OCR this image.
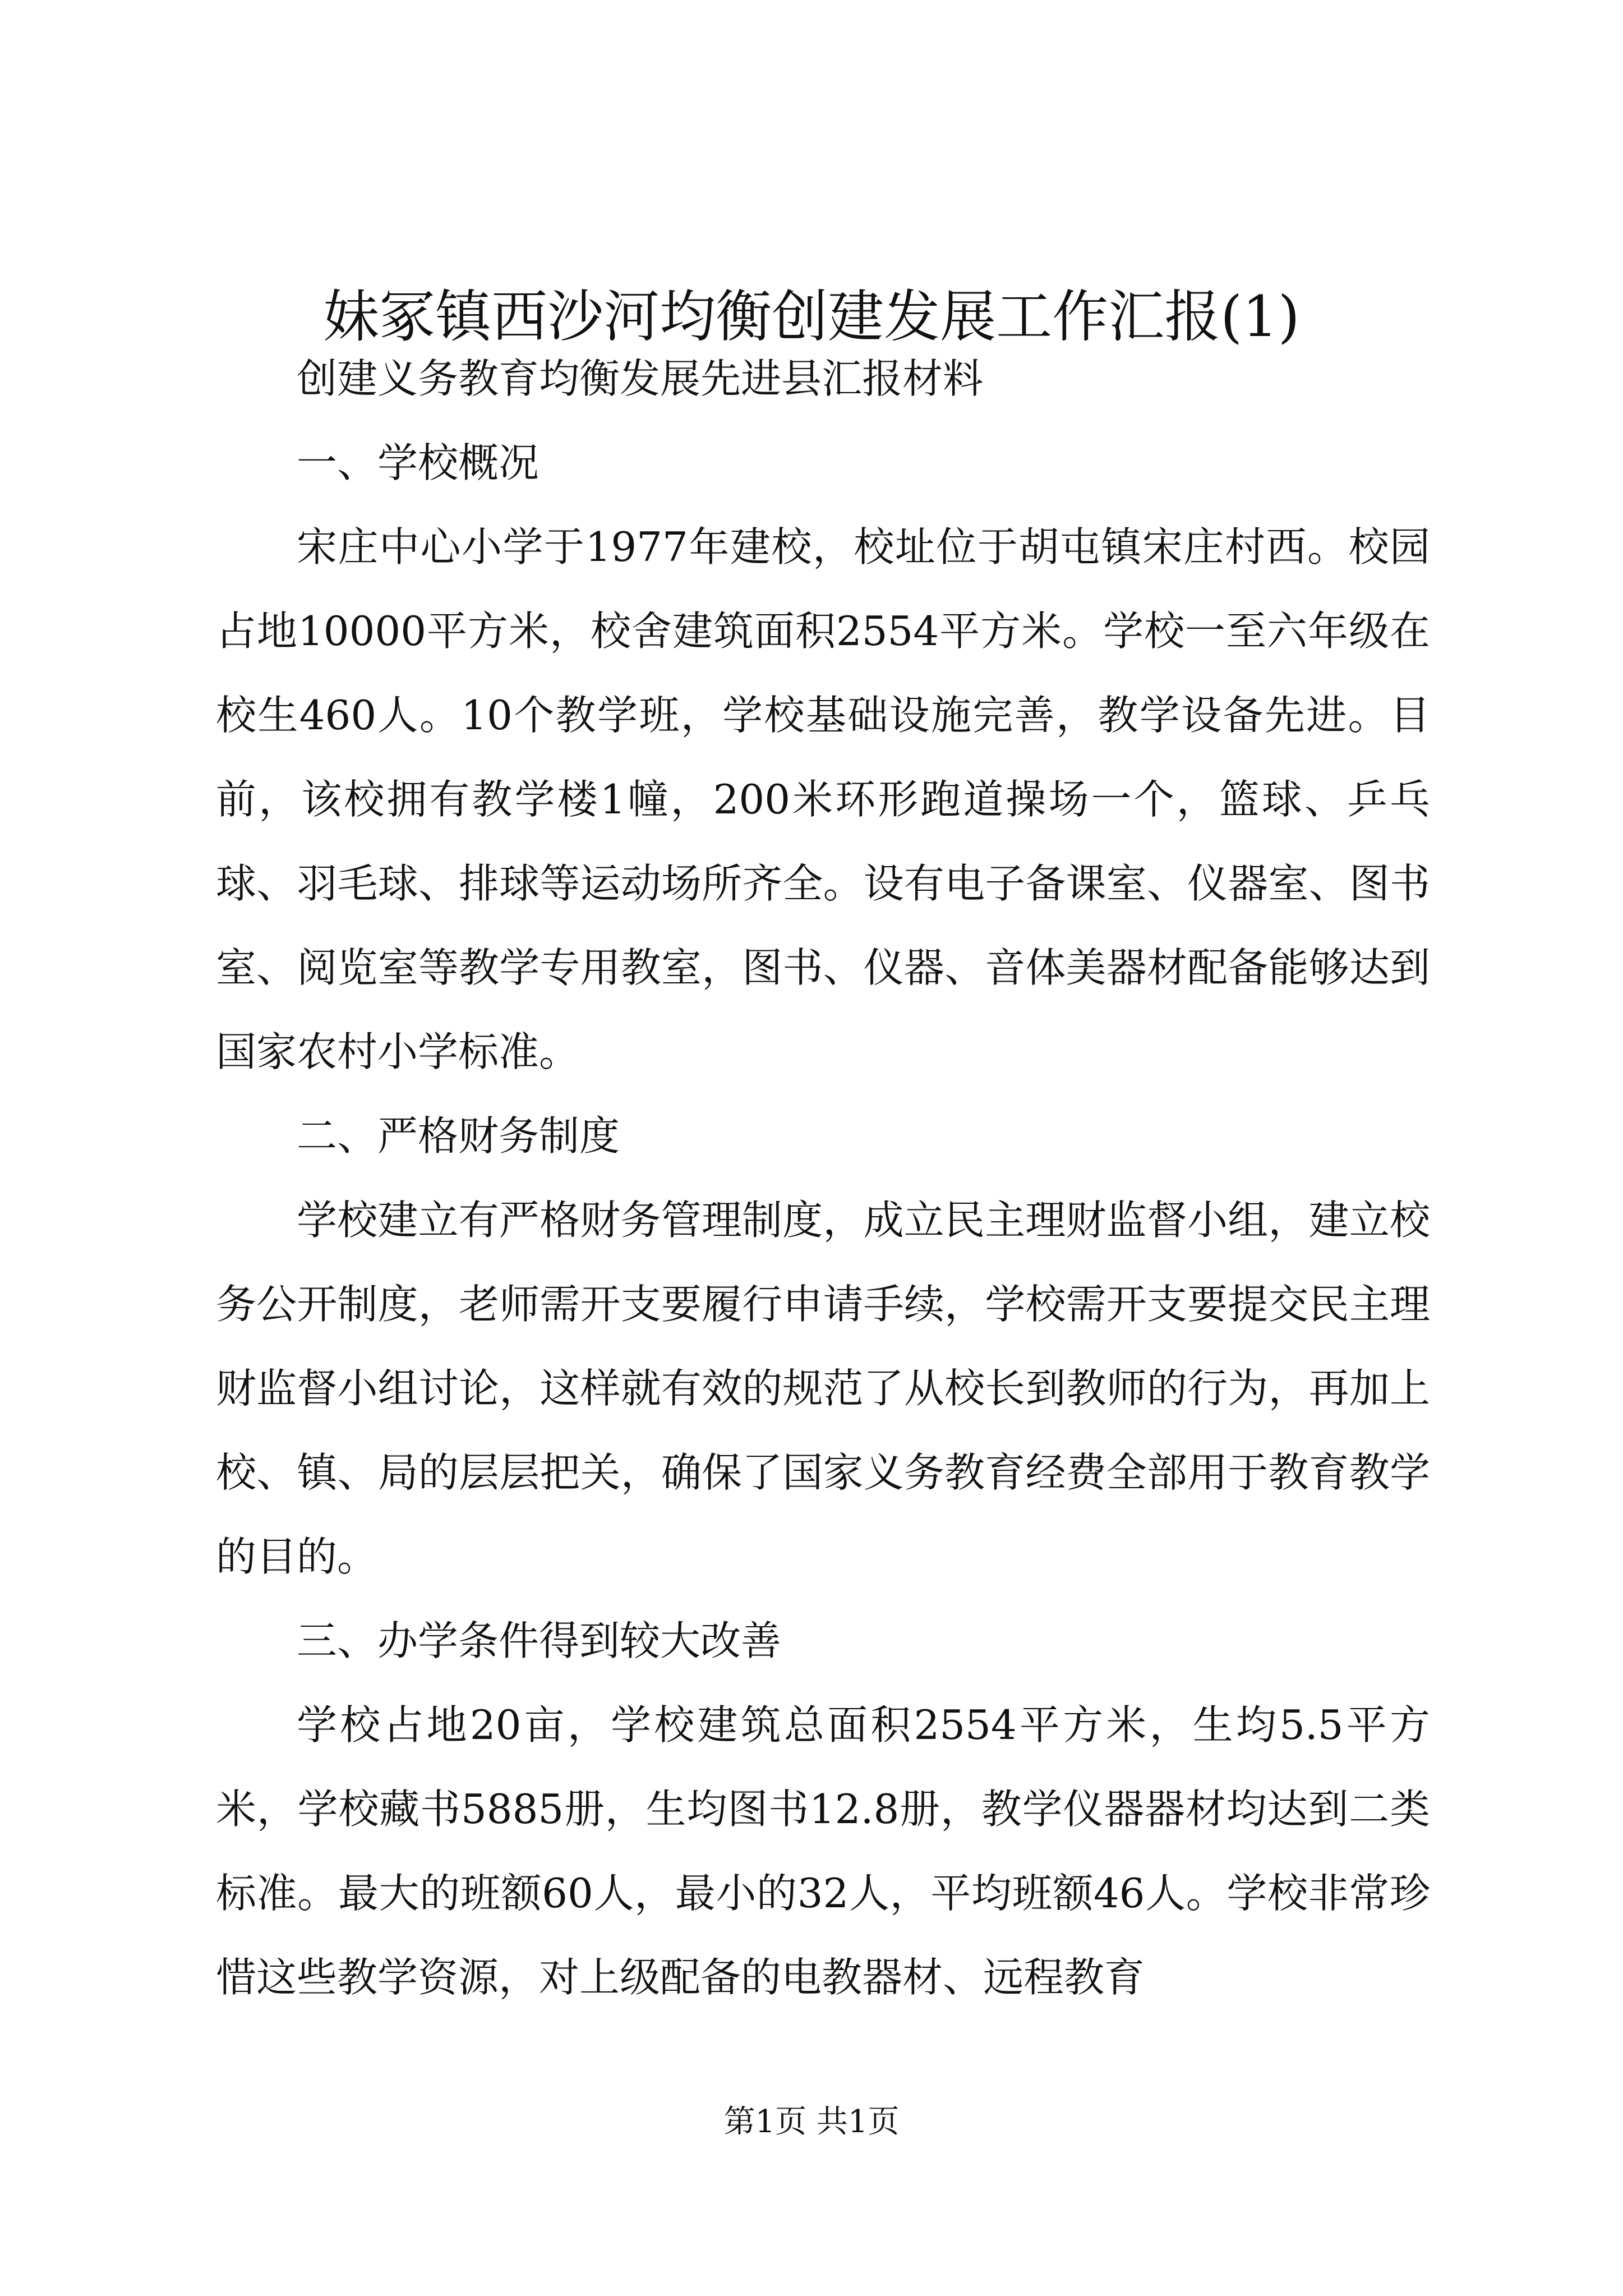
妹冢镇西沙河均衡创建发展工作汇报(1)

创建义务教育均衡发展先进县汇报材料

一、学校概况

宋庄中心小学于1977年建校，校址位于胡屯镇宋庄村西。校园占地10000平方米，校舍建筑面积2554平方米。学校一至六年级在校生460人。10个教学班，学校基础设施完善，教学设备先进。目前，该校拥有教学楼1幢，200米环形跑道操场一个，篮球、乒乓球、羽毛球、排球等运动场所齐全。设有电子备课室、仪器室、图书室、阅览室等教学专用教室，图书、仪器、音体美器材配备能够达到国家农村小学标准。

二、严格财务制度

学校建立有严格财务管理制度，成立民主理财监督小组，建立校务公开制度，老师需开支要履行申请手续，学校需开支要提交民主理财监督小组讨论，这样就有效的规范了从校长到教师的行为，再加上校、镇、局的层层把关，确保了国家义务教育经费全部用于教育教学的目的。

三、办学条件得到较大改善

学校占地20亩，学校建筑总面积2554平方米，生均5.5平方米，学校藏书5885册，生均图书12.8册，教学仪器器材均达到二类标准。最大的班额60人，最小的32人，平均班额46人。学校非常珍惜这些教学资源，对上级配备的电教器材、远程教育

第1页 共1页
